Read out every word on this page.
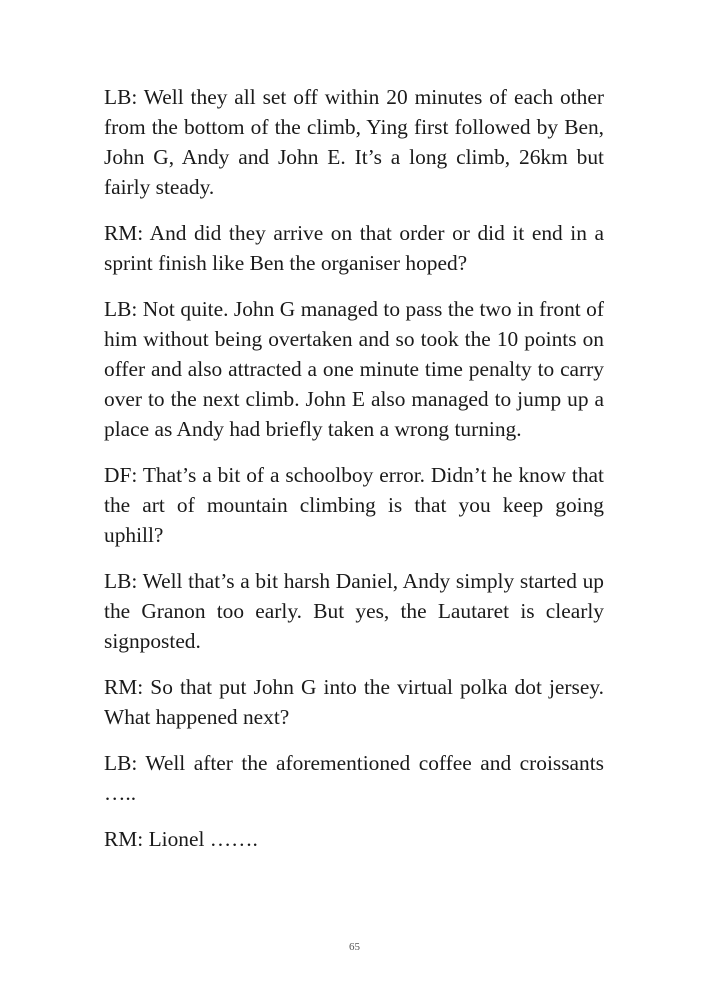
LB: Well they all set off within 20 minutes of each other from the bottom of the climb, Ying first followed by Ben, John G, Andy and John E. It’s a long climb, 26km but fairly steady.

RM: And did they arrive on that order or did it end in a sprint finish like Ben the organiser hoped?

LB: Not quite. John G managed to pass the two in front of him without being overtaken and so took the 10 points on offer and also attracted a one minute time penalty to carry over to the next climb. John E also managed to jump up a place as Andy had briefly taken a wrong turning.

DF: That’s a bit of a schoolboy error. Didn’t he know that the art of mountain climbing is that you keep going uphill?

LB: Well that’s a bit harsh Daniel, Andy simply started up the Granon too early. But yes, the Lautaret is clearly signposted.

RM: So that put John G into the virtual polka dot jersey. What happened next?

LB: Well after the aforementioned coffee and croissants …..

RM: Lionel …….

65
